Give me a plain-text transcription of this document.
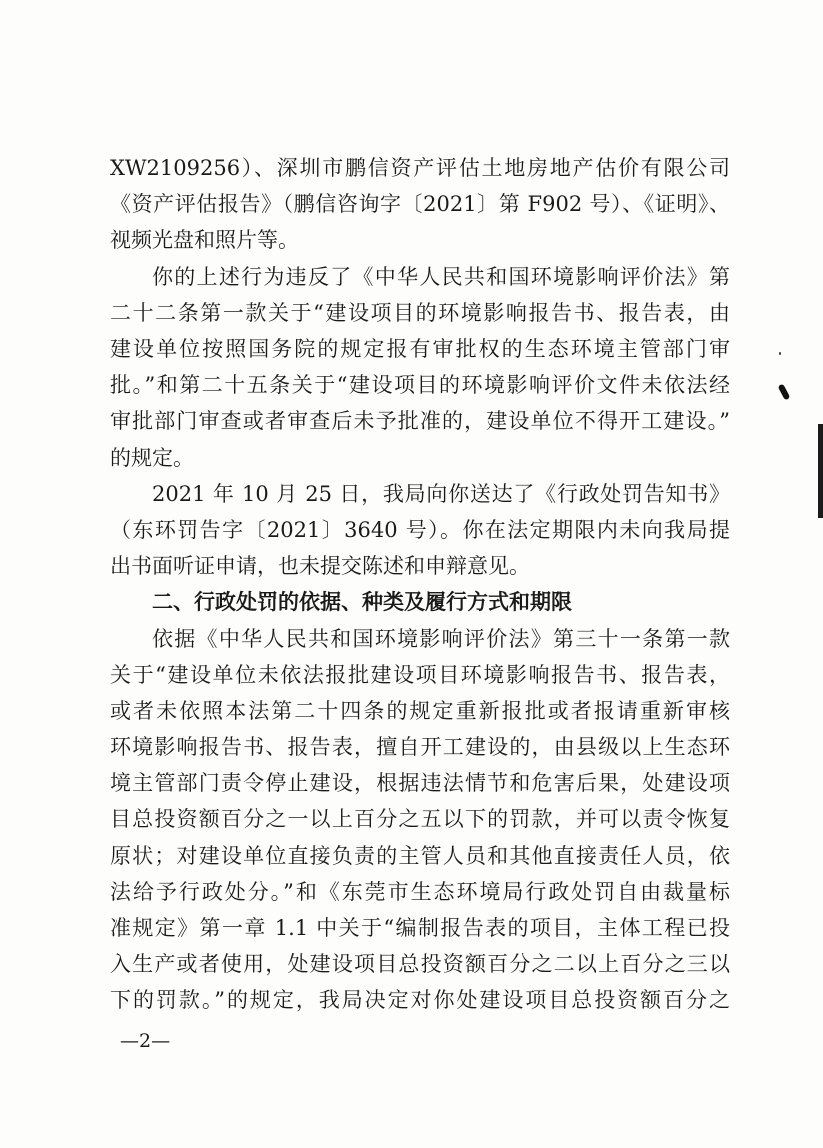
XW2109256）、深圳市鹏信资产评估土地房地产估价有限公司
《资产评估报告》（鹏信咨询字〔2021〕第 F902 号）、《证明》、
视频光盘和照片等。
你的上述行为违反了《中华人民共和国环境影响评价法》第
二十二条第一款关于“建设项目的环境影响报告书、报告表，由
建设单位按照国务院的规定报有审批权的生态环境主管部门审
批。”和第二十五条关于“建设项目的环境影响评价文件未依法经
审批部门审查或者审查后未予批准的，建设单位不得开工建设。”
的规定。
2021 年 10 月 25 日，我局向你送达了《行政处罚告知书》
（东环罚告字〔2021〕3640 号）。你在法定期限内未向我局提
出书面听证申请，也未提交陈述和申辩意见。
二、行政处罚的依据、种类及履行方式和期限
依据《中华人民共和国环境影响评价法》第三十一条第一款
关于“建设单位未依法报批建设项目环境影响报告书、报告表，
或者未依照本法第二十四条的规定重新报批或者报请重新审核
环境影响报告书、报告表，擅自开工建设的，由县级以上生态环
境主管部门责令停止建设，根据违法情节和危害后果，处建设项
目总投资额百分之一以上百分之五以下的罚款，并可以责令恢复
原状；对建设单位直接负责的主管人员和其他直接责任人员，依
法给予行政处分。”和《东莞市生态环境局行政处罚自由裁量标
准规定》第一章 1.1 中关于“编制报告表的项目，主体工程已投
入生产或者使用，处建设项目总投资额百分之二以上百分之三以
下的罚款。”的规定，我局决定对你处建设项目总投资额百分之
—2—
